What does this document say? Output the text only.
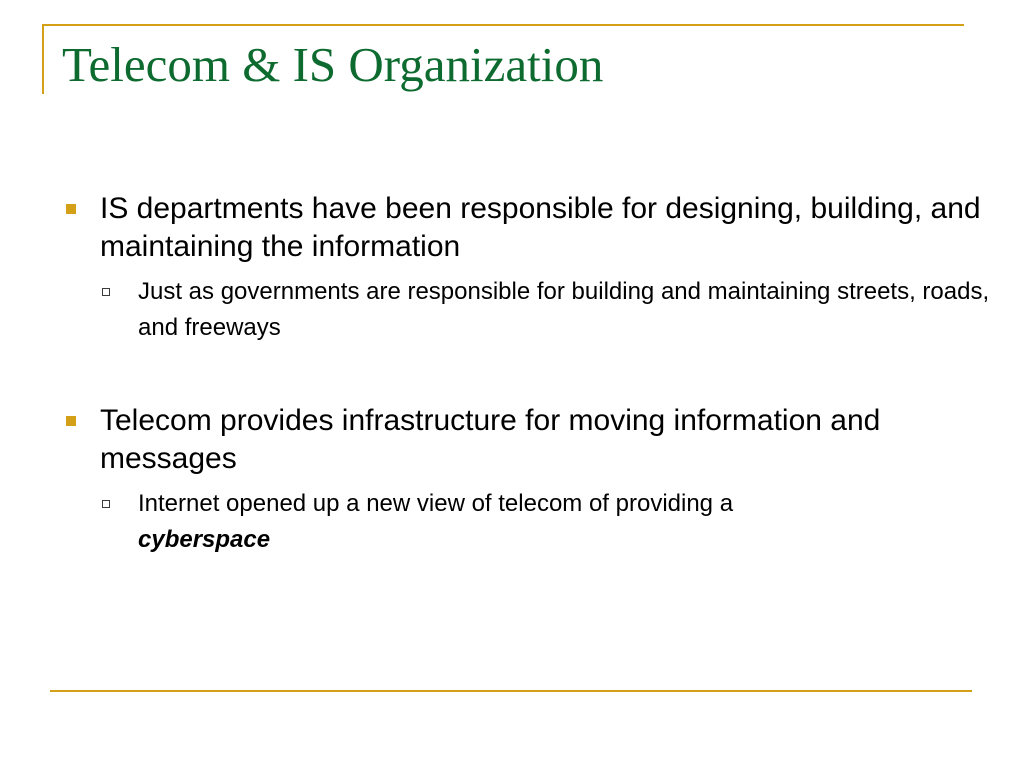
Telecom & IS Organization

IS departments have been responsible for designing, building, and maintaining the information

Just as governments are responsible for building and maintaining streets, roads, and freeways

Telecom provides infrastructure for moving information and messages

Internet opened up a new view of telecom of providing a
cyberspace
